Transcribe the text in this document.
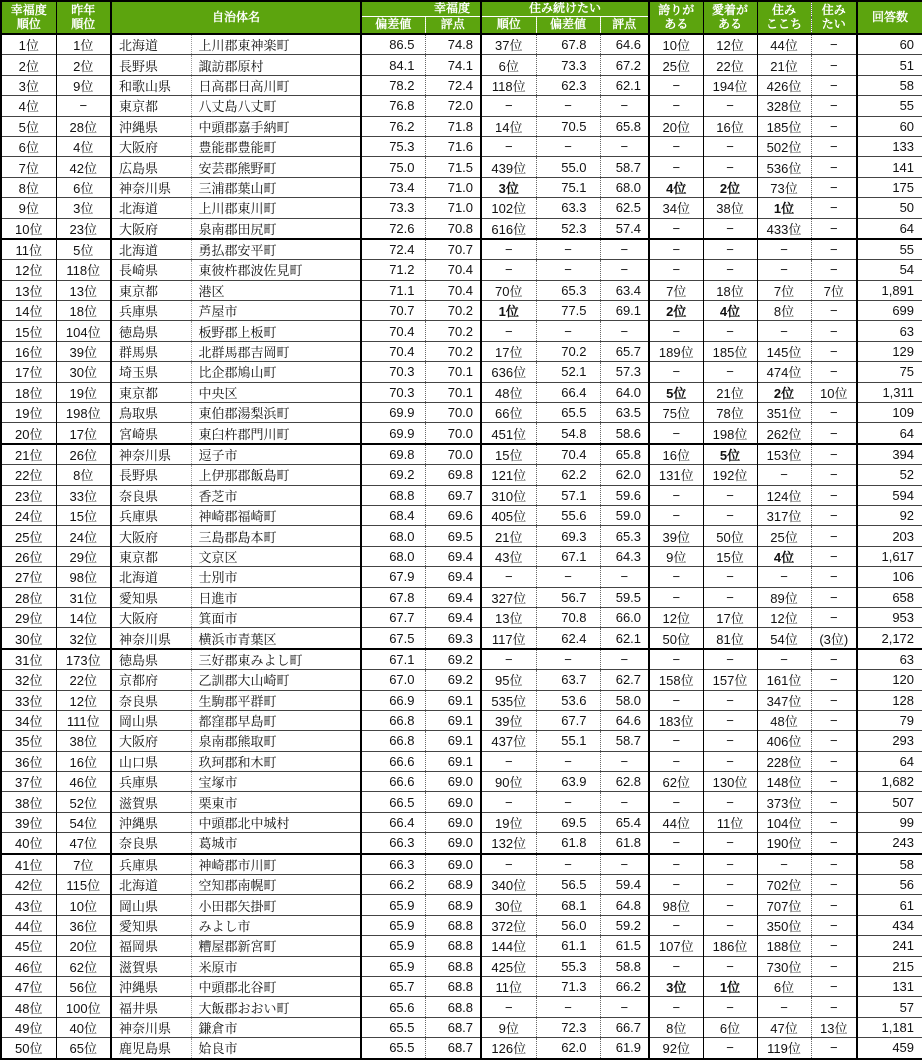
幸福度
順位	昨年
順位	自治体名		幸福度		住み続けたい			誇りが
ある	愛着が
ある	住み
ここち	住み
たい	回答数
				偏差値	評点	順位	偏差値	評点					
1位	1位	北海道	上川郡東神楽町	86.5	74.8	37位	67.8	64.6	10位	12位	44位	−	60
2位	2位	長野県	諏訪郡原村	84.1	74.1	6位	73.3	67.2	25位	22位	21位	−	51
3位	9位	和歌山県	日高郡日高川町	78.2	72.4	118位	62.3	62.1	−	194位	426位	−	58
4位	−	東京都	八丈島八丈町	76.8	72.0	−	−	−	−	−	328位	−	55
5位	28位	沖縄県	中頭郡嘉手納町	76.2	71.8	14位	70.5	65.8	20位	16位	185位	−	60
6位	4位	大阪府	豊能郡豊能町	75.3	71.6	−	−	−	−	−	502位	−	133
7位	42位	広島県	安芸郡熊野町	75.0	71.5	439位	55.0	58.7	−	−	536位	−	141
8位	6位	神奈川県	三浦郡葉山町	73.4	71.0	3位	75.1	68.0	4位	2位	73位	−	175
9位	3位	北海道	上川郡東川町	73.3	71.0	102位	63.3	62.5	34位	38位	1位	−	50
10位	23位	大阪府	泉南郡田尻町	72.6	70.8	616位	52.3	57.4	−	−	433位	−	64
11位	5位	北海道	勇払郡安平町	72.4	70.7	−	−	−	−	−	−	−	55
12位	118位	長崎県	東彼杵郡波佐見町	71.2	70.4	−	−	−	−	−	−	−	54
13位	13位	東京都	港区	71.1	70.4	70位	65.3	63.4	7位	18位	7位	7位	1,891
14位	18位	兵庫県	芦屋市	70.7	70.2	1位	77.5	69.1	2位	4位	8位	−	699
15位	104位	徳島県	板野郡上板町	70.4	70.2	−	−	−	−	−	−	−	63
16位	39位	群馬県	北群馬郡吉岡町	70.4	70.2	17位	70.2	65.7	189位	185位	145位	−	129
17位	30位	埼玉県	比企郡鳩山町	70.3	70.1	636位	52.1	57.3	−	−	474位	−	75
18位	19位	東京都	中央区	70.3	70.1	48位	66.4	64.0	5位	21位	2位	10位	1,311
19位	198位	鳥取県	東伯郡湯梨浜町	69.9	70.0	66位	65.5	63.5	75位	78位	351位	−	109
20位	17位	宮崎県	東臼杵郡門川町	69.9	70.0	451位	54.8	58.6	−	198位	262位	−	64
21位	26位	神奈川県	逗子市	69.8	70.0	15位	70.4	65.8	16位	5位	153位	−	394
22位	8位	長野県	上伊那郡飯島町	69.2	69.8	121位	62.2	62.0	131位	192位	−	−	52
23位	33位	奈良県	香芝市	68.8	69.7	310位	57.1	59.6	−	−	124位	−	594
24位	15位	兵庫県	神崎郡福崎町	68.4	69.6	405位	55.6	59.0	−	−	317位	−	92
25位	24位	大阪府	三島郡島本町	68.0	69.5	21位	69.3	65.3	39位	50位	25位	−	203
26位	29位	東京都	文京区	68.0	69.4	43位	67.1	64.3	9位	15位	4位	−	1,617
27位	98位	北海道	士別市	67.9	69.4	−	−	−	−	−	−	−	106
28位	31位	愛知県	日進市	67.8	69.4	327位	56.7	59.5	−	−	89位	−	658
29位	14位	大阪府	箕面市	67.7	69.4	13位	70.8	66.0	12位	17位	12位	−	953
30位	32位	神奈川県	横浜市青葉区	67.5	69.3	117位	62.4	62.1	50位	81位	54位	(3位)	2,172
31位	173位	徳島県	三好郡東みよし町	67.1	69.2	−	−	−	−	−	−	−	63
32位	22位	京都府	乙訓郡大山崎町	67.0	69.2	95位	63.7	62.7	158位	157位	161位	−	120
33位	12位	奈良県	生駒郡平群町	66.9	69.1	535位	53.6	58.0	−	−	347位	−	128
34位	111位	岡山県	都窪郡早島町	66.8	69.1	39位	67.7	64.6	183位	−	48位	−	79
35位	38位	大阪府	泉南郡熊取町	66.8	69.1	437位	55.1	58.7	−	−	406位	−	293
36位	16位	山口県	玖珂郡和木町	66.6	69.1	−	−	−	−	−	228位	−	64
37位	46位	兵庫県	宝塚市	66.6	69.0	90位	63.9	62.8	62位	130位	148位	−	1,682
38位	52位	滋賀県	栗東市	66.5	69.0	−	−	−	−	−	373位	−	507
39位	54位	沖縄県	中頭郡北中城村	66.4	69.0	19位	69.5	65.4	44位	11位	104位	−	99
40位	47位	奈良県	葛城市	66.3	69.0	132位	61.8	61.8	−	−	190位	−	243
41位	7位	兵庫県	神崎郡市川町	66.3	69.0	−	−	−	−	−	−	−	58
42位	115位	北海道	空知郡南幌町	66.2	68.9	340位	56.5	59.4	−	−	702位	−	56
43位	10位	岡山県	小田郡矢掛町	65.9	68.9	30位	68.1	64.8	98位	−	707位	−	61
44位	36位	愛知県	みよし市	65.9	68.8	372位	56.0	59.2	−	−	350位	−	434
45位	20位	福岡県	糟屋郡新宮町	65.9	68.8	144位	61.1	61.5	107位	186位	188位	−	241
46位	62位	滋賀県	米原市	65.9	68.8	425位	55.3	58.8	−	−	730位	−	215
47位	56位	沖縄県	中頭郡北谷町	65.7	68.8	11位	71.3	66.2	3位	1位	6位	−	131
48位	100位	福井県	大飯郡おおい町	65.6	68.8	−	−	−	−	−	−	−	57
49位	40位	神奈川県	鎌倉市	65.5	68.7	9位	72.3	66.7	8位	6位	47位	13位	1,181
50位	65位	鹿児島県	姶良市	65.5	68.7	126位	62.0	61.9	92位	−	119位	−	459
